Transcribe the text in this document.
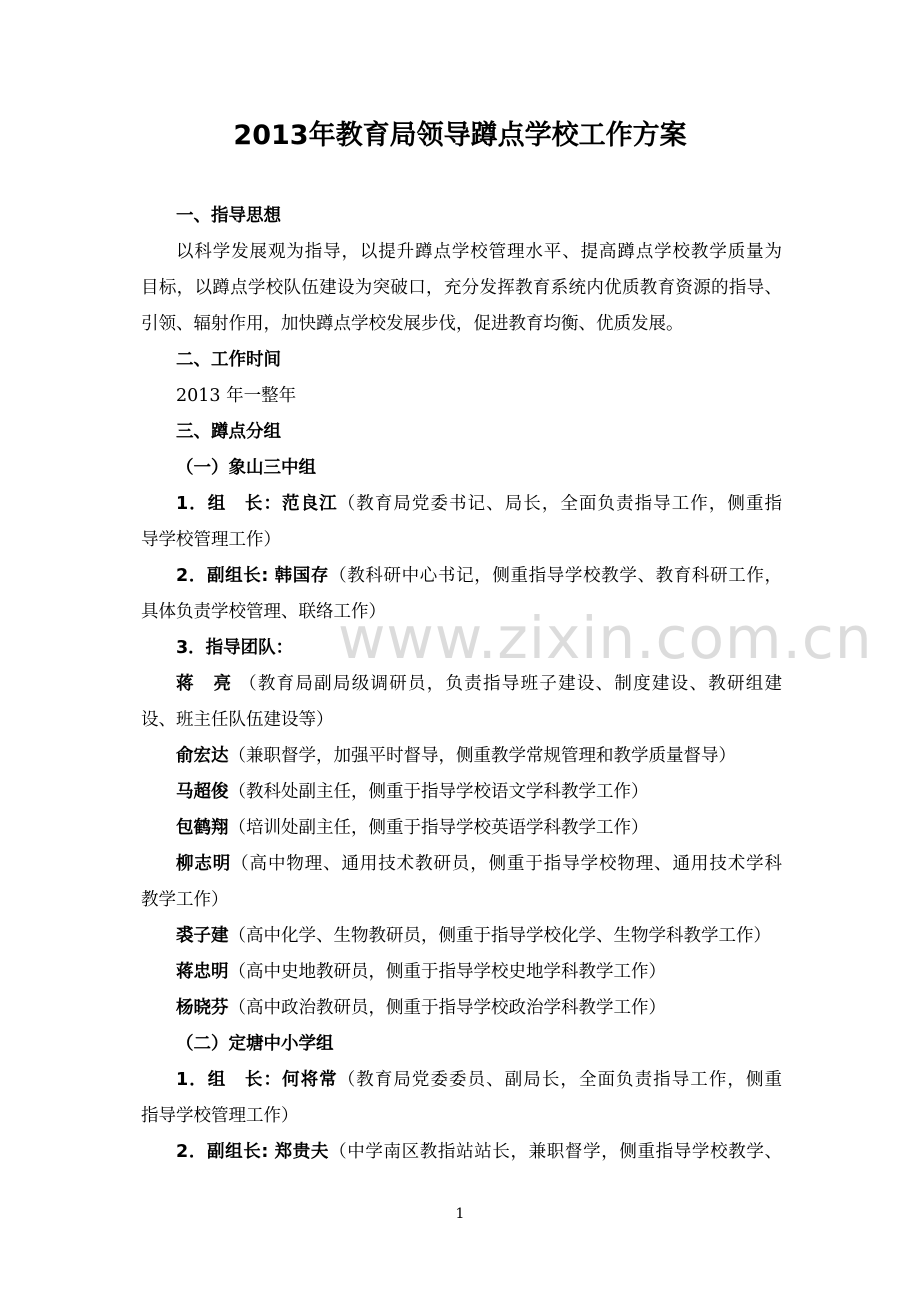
2013年教育局领导蹲点学校工作方案
一、指导思想
以科学发展观为指导，以提升蹲点学校管理水平、提高蹲点学校教学质量为
目标，以蹲点学校队伍建设为突破口，充分发挥教育系统内优质教育资源的指导、
引领、辐射作用，加快蹲点学校发展步伐，促进教育均衡、优质发展。
二、工作时间
2013 年一整年
三、蹲点分组
（一）象山三中组
1．组　长：范良江（教育局党委书记、局长，全面负责指导工作，侧重指
导学校管理工作）
2．副组长: 韩国存（教科研中心书记，侧重指导学校教学、教育科研工作，
具体负责学校管理、联络工作）
3．指导团队：
蒋　亮 （教育局副局级调研员，负责指导班子建设、制度建设、教研组建
设、班主任队伍建设等）
俞宏达（兼职督学，加强平时督导，侧重教学常规管理和教学质量督导）
马超俊（教科处副主任，侧重于指导学校语文学科教学工作）
包鹤翔（培训处副主任，侧重于指导学校英语学科教学工作）
柳志明（高中物理、通用技术教研员，侧重于指导学校物理、通用技术学科
教学工作）
裘子建（高中化学、生物教研员，侧重于指导学校化学、生物学科教学工作）
蒋忠明（高中史地教研员，侧重于指导学校史地学科教学工作）
杨晓芬（高中政治教研员，侧重于指导学校政治学科教学工作）
（二）定塘中小学组
1．组　长：何将常（教育局党委委员、副局长，全面负责指导工作，侧重
指导学校管理工作）
2．副组长: 郑贵夫（中学南区教指站站长，兼职督学，侧重指导学校教学、
www.zixin.com.cn
1
